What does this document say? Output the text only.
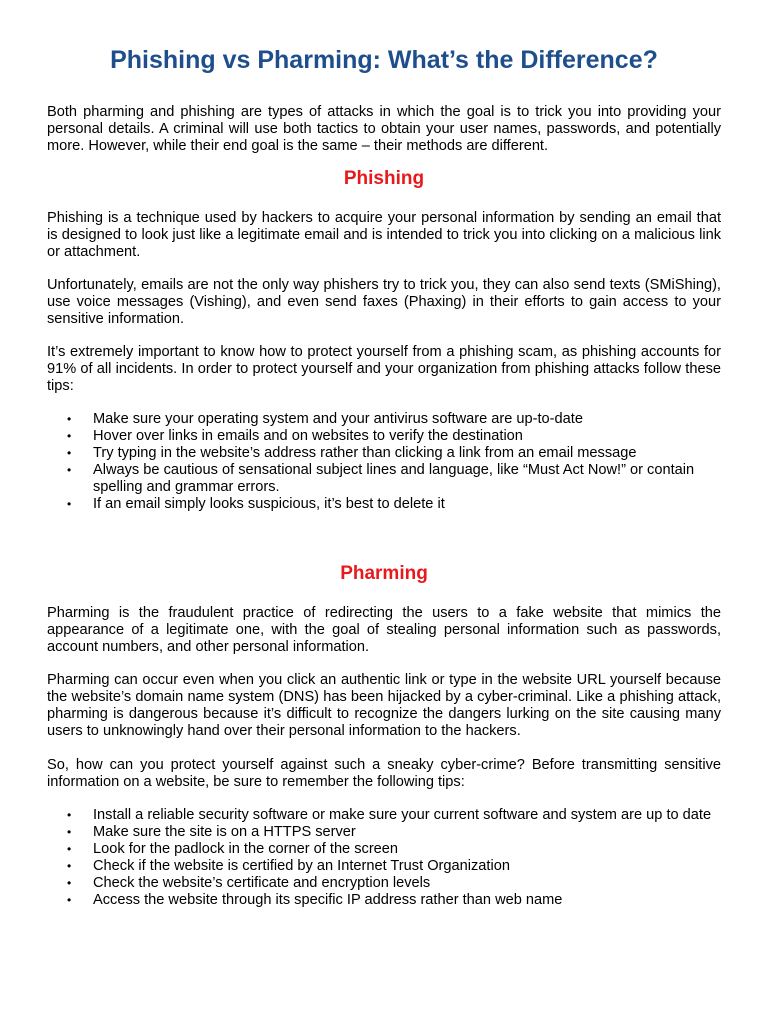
Phishing vs Pharming: What’s the Difference?

Both pharming and phishing are types of attacks in which the goal is to trick you into providing your personal details. A criminal will use both tactics to obtain your user names, passwords, and potentially more. However, while their end goal is the same – their methods are different.

Phishing

Phishing is a technique used by hackers to acquire your personal information by sending an email that is designed to look just like a legitimate email and is intended to trick you into clicking on a malicious link or attachment.

Unfortunately, emails are not the only way phishers try to trick you, they can also send texts (SMiShing), use voice messages (Vishing), and even send faxes (Phaxing) in their efforts to gain access to your sensitive information.

It’s extremely important to know how to protect yourself from a phishing scam, as phishing accounts for 91% of all incidents. In order to protect yourself and your organization from phishing attacks follow these tips:

• Make sure your operating system and your antivirus software are up-to-date
• Hover over links in emails and on websites to verify the destination
• Try typing in the website’s address rather than clicking a link from an email message
• Always be cautious of sensational subject lines and language, like “Must Act Now!” or contain spelling and grammar errors.
• If an email simply looks suspicious, it’s best to delete it
Pharming

Pharming is the fraudulent practice of redirecting the users to a fake website that mimics the appearance of a legitimate one, with the goal of stealing personal information such as passwords, account numbers, and other personal information.

Pharming can occur even when you click an authentic link or type in the website URL yourself because the website’s domain name system (DNS) has been hijacked by a cyber-criminal. Like a phishing attack, pharming is dangerous because it’s difficult to recognize the dangers lurking on the site causing many users to unknowingly hand over their personal information to the hackers.

So, how can you protect yourself against such a sneaky cyber-crime? Before transmitting sensitive information on a website, be sure to remember the following tips:

• Install a reliable security software or make sure your current software and system are up to date
• Make sure the site is on a HTTPS server
• Look for the padlock in the corner of the screen
• Check if the website is certified by an Internet Trust Organization
• Check the website’s certificate and encryption levels
• Access the website through its specific IP address rather than web name
